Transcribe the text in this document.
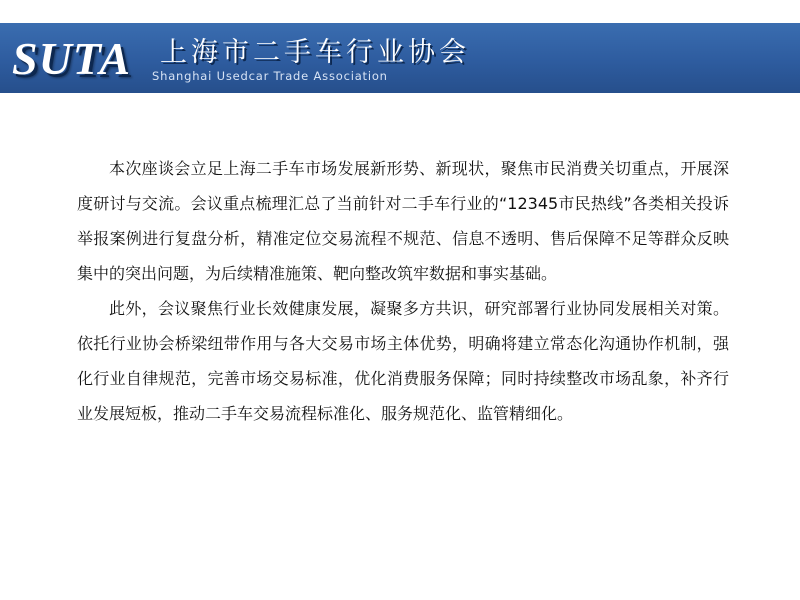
SUTA 上海市二手车行业协会
Shanghai Usedcar Trade Association

本次座谈会立足上海二手车市场发展新形势、新现状，聚焦市民消费关切重点，开展深度研讨与交流。会议重点梳理汇总了当前针对二手车行业的“12345市民热线”各类相关投诉举报案例进行复盘分析，精准定位交易流程不规范、信息不透明、售后保障不足等群众反映集中的突出问题，为后续精准施策、靶向整改筑牢数据和事实基础。

此外，会议聚焦行业长效健康发展，凝聚多方共识，研究部署行业协同发展相关对策。依托行业协会桥梁纽带作用与各大交易市场主体优势，明确将建立常态化沟通协作机制，强化行业自律规范，完善市场交易标准，优化消费服务保障；同时持续整改市场乱象，补齐行业发展短板，推动二手车交易流程标准化、服务规范化、监管精细化。
